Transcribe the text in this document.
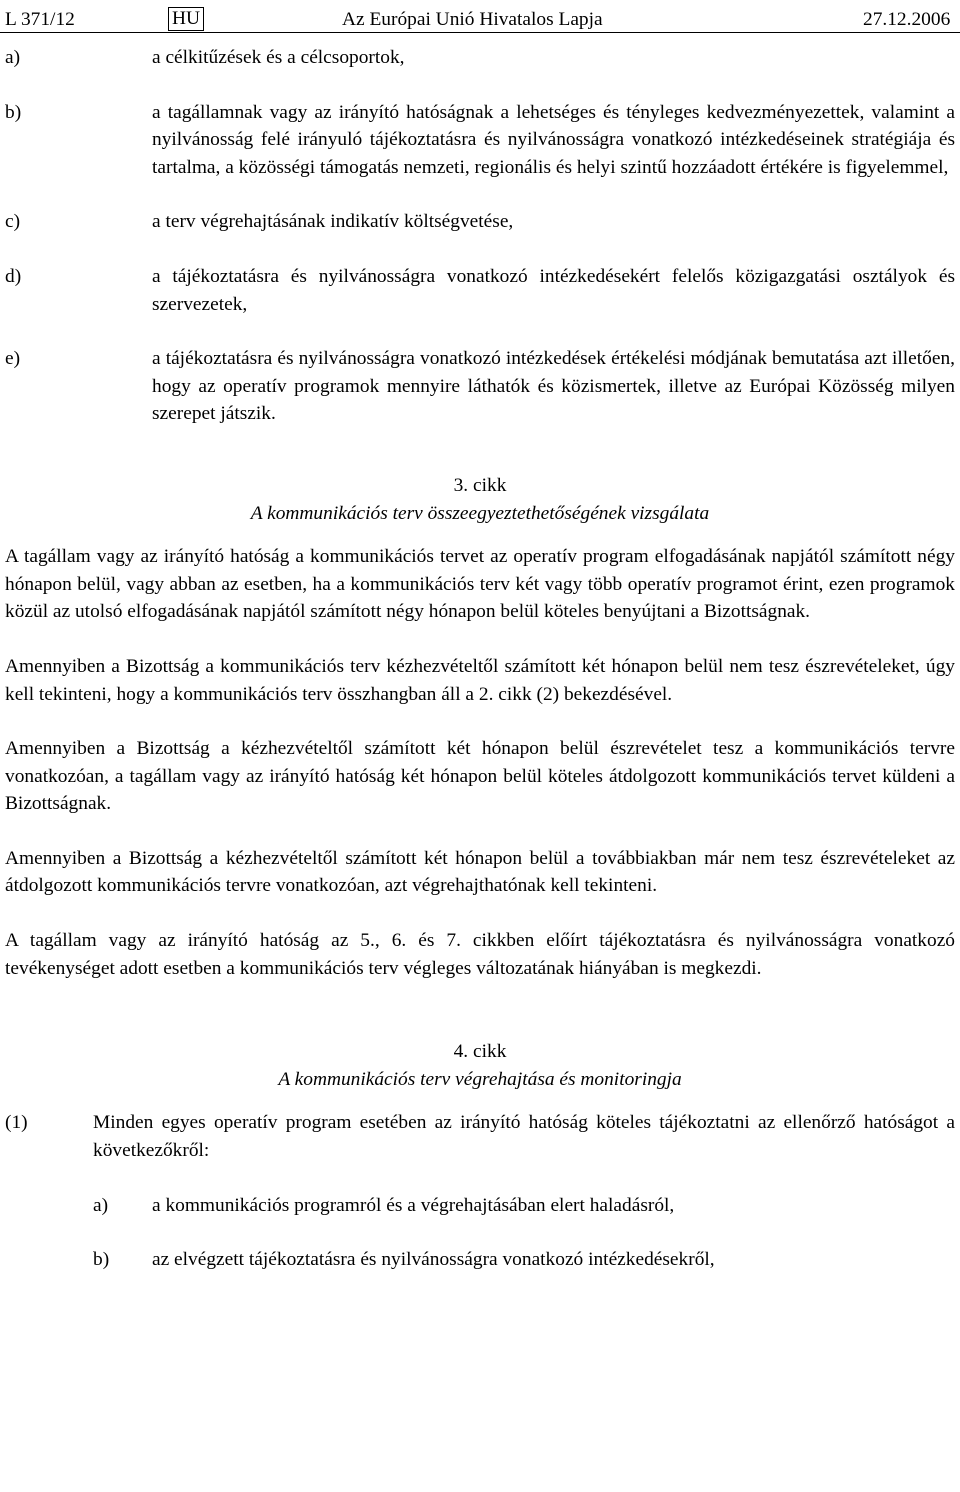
L 371/12	HU	Az Európai Unió Hivatalos Lapja	27.12.2006
a)	a célkitűzések és a célcsoportok,
b)	a tagállamnak vagy az irányító hatóságnak a lehetséges és tényleges kedvezményezettek, valamint a nyilvánosság felé irányuló tájékoztatásra és nyilvánosságra vonatkozó intézkedéseinek stratégiája és tartalma, a közösségi támogatás nemzeti, regionális és helyi szintű hozzáadott értékére is figyelemmel,
c)	a terv végrehajtásának indikatív költségvetése,
d)	a tájékoztatásra és nyilvánosságra vonatkozó intézkedésekért felelős közigazgatási osztályok és szervezetek,
e)	a tájékoztatásra és nyilvánosságra vonatkozó intézkedések értékelési módjának bemutatása azt illetően, hogy az operatív programok mennyire láthatók és közismertek, illetve az Európai Közösség milyen szerepet játszik.
3. cikk
A kommunikációs terv összeegyeztethetőségének vizsgálata

A tagállam vagy az irányító hatóság a kommunikációs tervet az operatív program elfogadásának napjától számított négy hónapon belül, vagy abban az esetben, ha a kommunikációs terv két vagy több operatív programot érint, ezen programok közül az utolsó elfogadásának napjától számított négy hónapon belül köteles benyújtani a Bizottságnak.

Amennyiben a Bizottság a kommunikációs terv kézhezvételtől számított két hónapon belül nem tesz észrevételeket, úgy kell tekinteni, hogy a kommunikációs terv összhangban áll a 2. cikk (2) bekezdésével.

Amennyiben a Bizottság a kézhezvételtől számított két hónapon belül észrevételet tesz a kommunikációs tervre vonatkozóan, a tagállam vagy az irányító hatóság két hónapon belül köteles átdolgozott kommunikációs tervet küldeni a Bizottságnak.

Amennyiben a Bizottság a kézhezvételtől számított két hónapon belül a továbbiakban már nem tesz észrevételeket az átdolgozott kommunikációs tervre vonatkozóan, azt végrehajthatónak kell tekinteni.

A tagállam vagy az irányító hatóság az 5., 6. és 7. cikkben előírt tájékoztatásra és nyilvánosságra vonatkozó tevékenységet adott esetben a kommunikációs terv végleges változatának hiányában is megkezdi.

4. cikk
A kommunikációs terv végrehajtása és monitoringja
(1)	Minden egyes operatív program esetében az irányító hatóság köteles tájékoztatni az ellenőrző hatóságot a következőkről:
a)	a kommunikációs programról és a végrehajtásában elert haladásról,
b)	az elvégzett tájékoztatásra és nyilvánosságra vonatkozó intézkedésekről,
